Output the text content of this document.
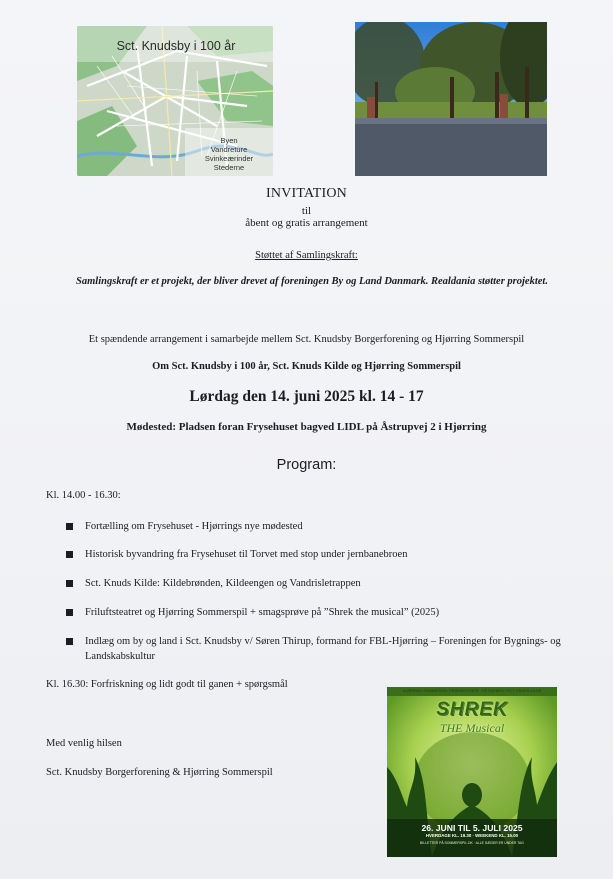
Sct. Knudsby i 100 år
Byen
Vandreture
Svinkeærinder
Stederne
INVITATION
til
åbent og gratis arrangement
Støttet af Samlingskraft:
Samlingskraft er et projekt, der bliver drevet af foreningen By og Land Danmark. Realdania støtter projektet.
Et spændende arrangement i samarbejde mellem Sct. Knudsby Borgerforening og Hjørring Sommerspil
Om Sct. Knudsby i 100 år, Sct. Knuds Kilde og Hjørring Sommerspil
Lørdag den 14. juni 2025 kl. 14 - 17
Mødested: Pladsen foran Frysehuset bagved LIDL på Åstrupvej 2 i Hjørring
Program:
Kl. 14.00 - 16.30:
Fortælling om Frysehuset - Hjørrings nye mødested
Historisk byvandring fra Frysehuset til Torvet med stop under jernbanebroen
Sct. Knuds Kilde: Kildebrønden, Kildeengen og Vandrisletrappen
Friluftsteatret og Hjørring Sommerspil + smagsprøve på ”Shrek the musical” (2025)
Indlæg om by og land i Sct. Knudsby v/ Søren Thirup, formand for FBL-Hjørring – Foreningen for Bygnings- og Landskabskultur
Kl. 16.30: Forfriskning og lidt godt til ganen + spørgsmål
Med venlig hilsen
Sct. Knudsby Borgerforening & Hjørring Sommerspil
HJØRRING SOMMERSPIL PRÆSENTERER · PÅ SCENEN I SCT. KNUDS KILDE
SHREK
THE Musical
26. JUNI TIL 5. JULI 2025
HVERDAGE KL. 19.30 · WEEKEND KL. 15.00
BILLETTER PÅ SOMMERSPIL.DK · ALLE SÆDER ER UNDER TAG
